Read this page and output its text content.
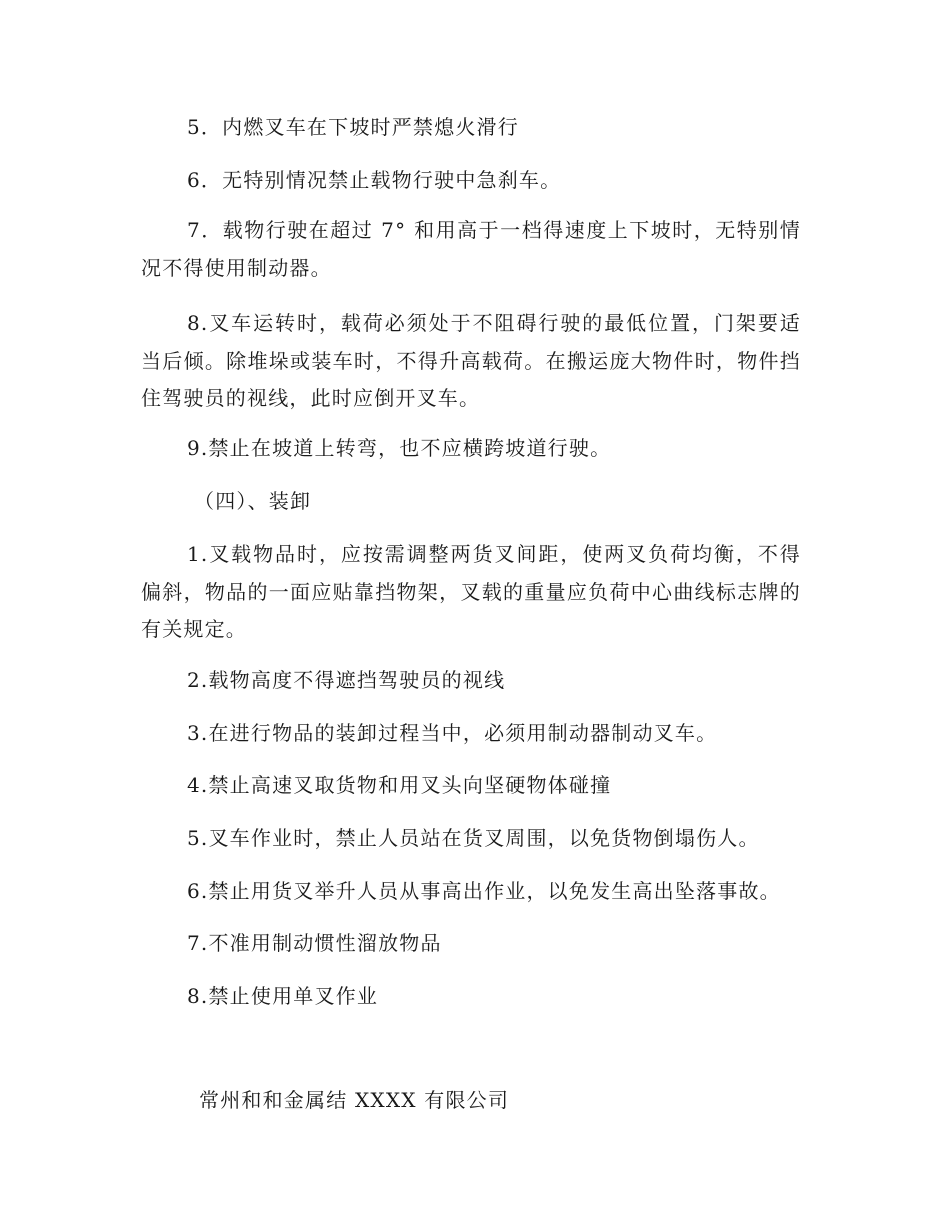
5．内燃叉车在下坡时严禁熄火滑行
6．无特别情况禁止载物行驶中急刹车。
7．载物行驶在超过 7° 和用高于一档得速度上下坡时，无特别情况不得使用制动器。
8.叉车运转时，载荷必须处于不阻碍行驶的最低位置，门架要适当后倾。除堆垛或装车时，不得升高载荷。在搬运庞大物件时，物件挡住驾驶员的视线，此时应倒开叉车。
9.禁止在坡道上转弯，也不应横跨坡道行驶。
（四）、装卸
1.叉载物品时，应按需调整两货叉间距，使两叉负荷均衡，不得偏斜，物品的一面应贴靠挡物架，叉载的重量应负荷中心曲线标志牌的有关规定。
2.载物高度不得遮挡驾驶员的视线
3.在进行物品的装卸过程当中，必须用制动器制动叉车。
4.禁止高速叉取货物和用叉头向坚硬物体碰撞
5.叉车作业时，禁止人员站在货叉周围，以免货物倒塌伤人。
6.禁止用货叉举升人员从事高出作业，以免发生高出坠落事故。
7.不准用制动惯性溜放物品
8.禁止使用单叉作业
常州和和金属结 XXXX 有限公司
